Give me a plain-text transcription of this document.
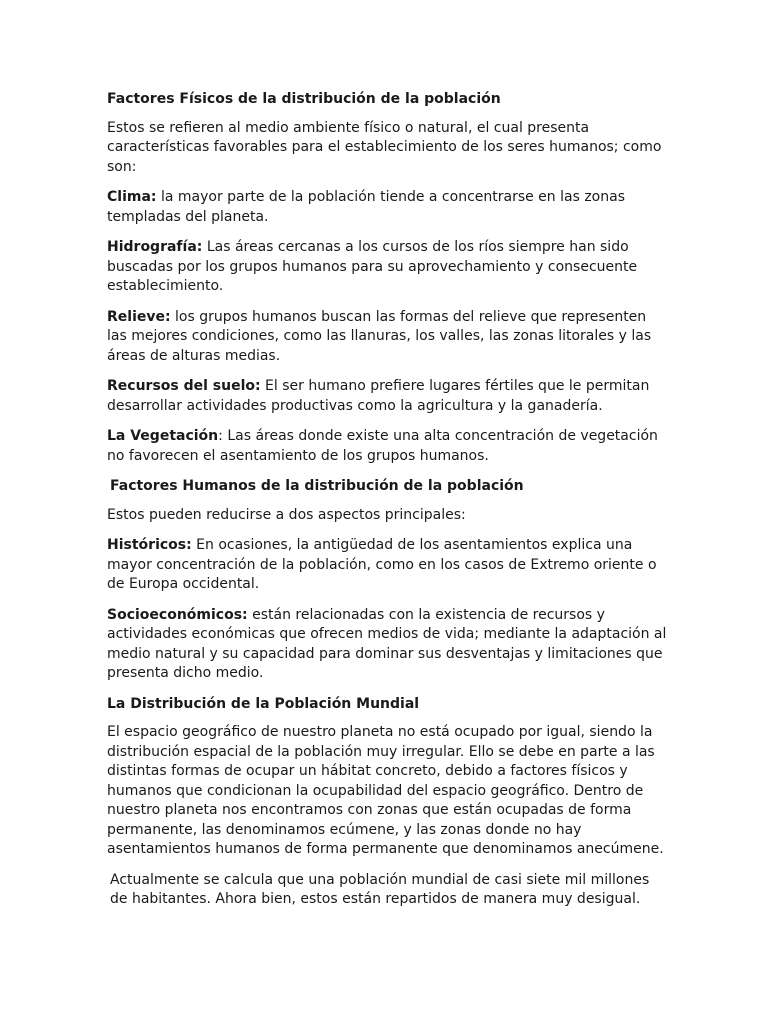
Factores Físicos de la distribución de la población

Estos se refieren al medio ambiente físico o natural, el cual presenta características favorables para el establecimiento de los seres humanos; como son:

Clima: la mayor parte de la población tiende a concentrarse en las zonas templadas del planeta.

Hidrografía: Las áreas cercanas a los cursos de los ríos siempre han sido buscadas por los grupos humanos para su aprovechamiento y consecuente establecimiento.

Relieve: los grupos humanos buscan las formas del relieve que representen las mejores condiciones, como las llanuras, los valles, las zonas litorales y las áreas de alturas medias.

Recursos del suelo: El ser humano prefiere lugares fértiles que le permitan desarrollar actividades productivas como la agricultura y la ganadería.

La Vegetación: Las áreas donde existe una alta concentración de vegetación no favorecen el asentamiento de los grupos humanos.

Factores Humanos de la distribución de la población

Estos pueden reducirse a dos aspectos principales:

Históricos: En ocasiones, la antigüedad de los asentamientos explica una mayor concentración de la población, como en los casos de Extremo oriente o de Europa occidental.

Socioeconómicos: están relacionadas con la existencia de recursos y actividades económicas que ofrecen medios de vida; mediante la adaptación al medio natural y su capacidad para dominar sus desventajas y limitaciones que presenta dicho medio.

La Distribución de la Población Mundial

El espacio geográfico de nuestro planeta no está ocupado por igual, siendo la distribución espacial de la población muy irregular. Ello se debe en parte a las distintas formas de ocupar un hábitat concreto, debido a factores físicos y humanos que condicionan la ocupabilidad del espacio geográfico. Dentro de nuestro planeta nos encontramos con zonas que están ocupadas de forma permanente, las denominamos ecúmene, y las zonas donde no hay asentamientos humanos de forma permanente que denominamos anecúmene.

Actualmente se calcula que una población mundial de casi siete mil millones de habitantes. Ahora bien, estos están repartidos de manera muy desigual.
